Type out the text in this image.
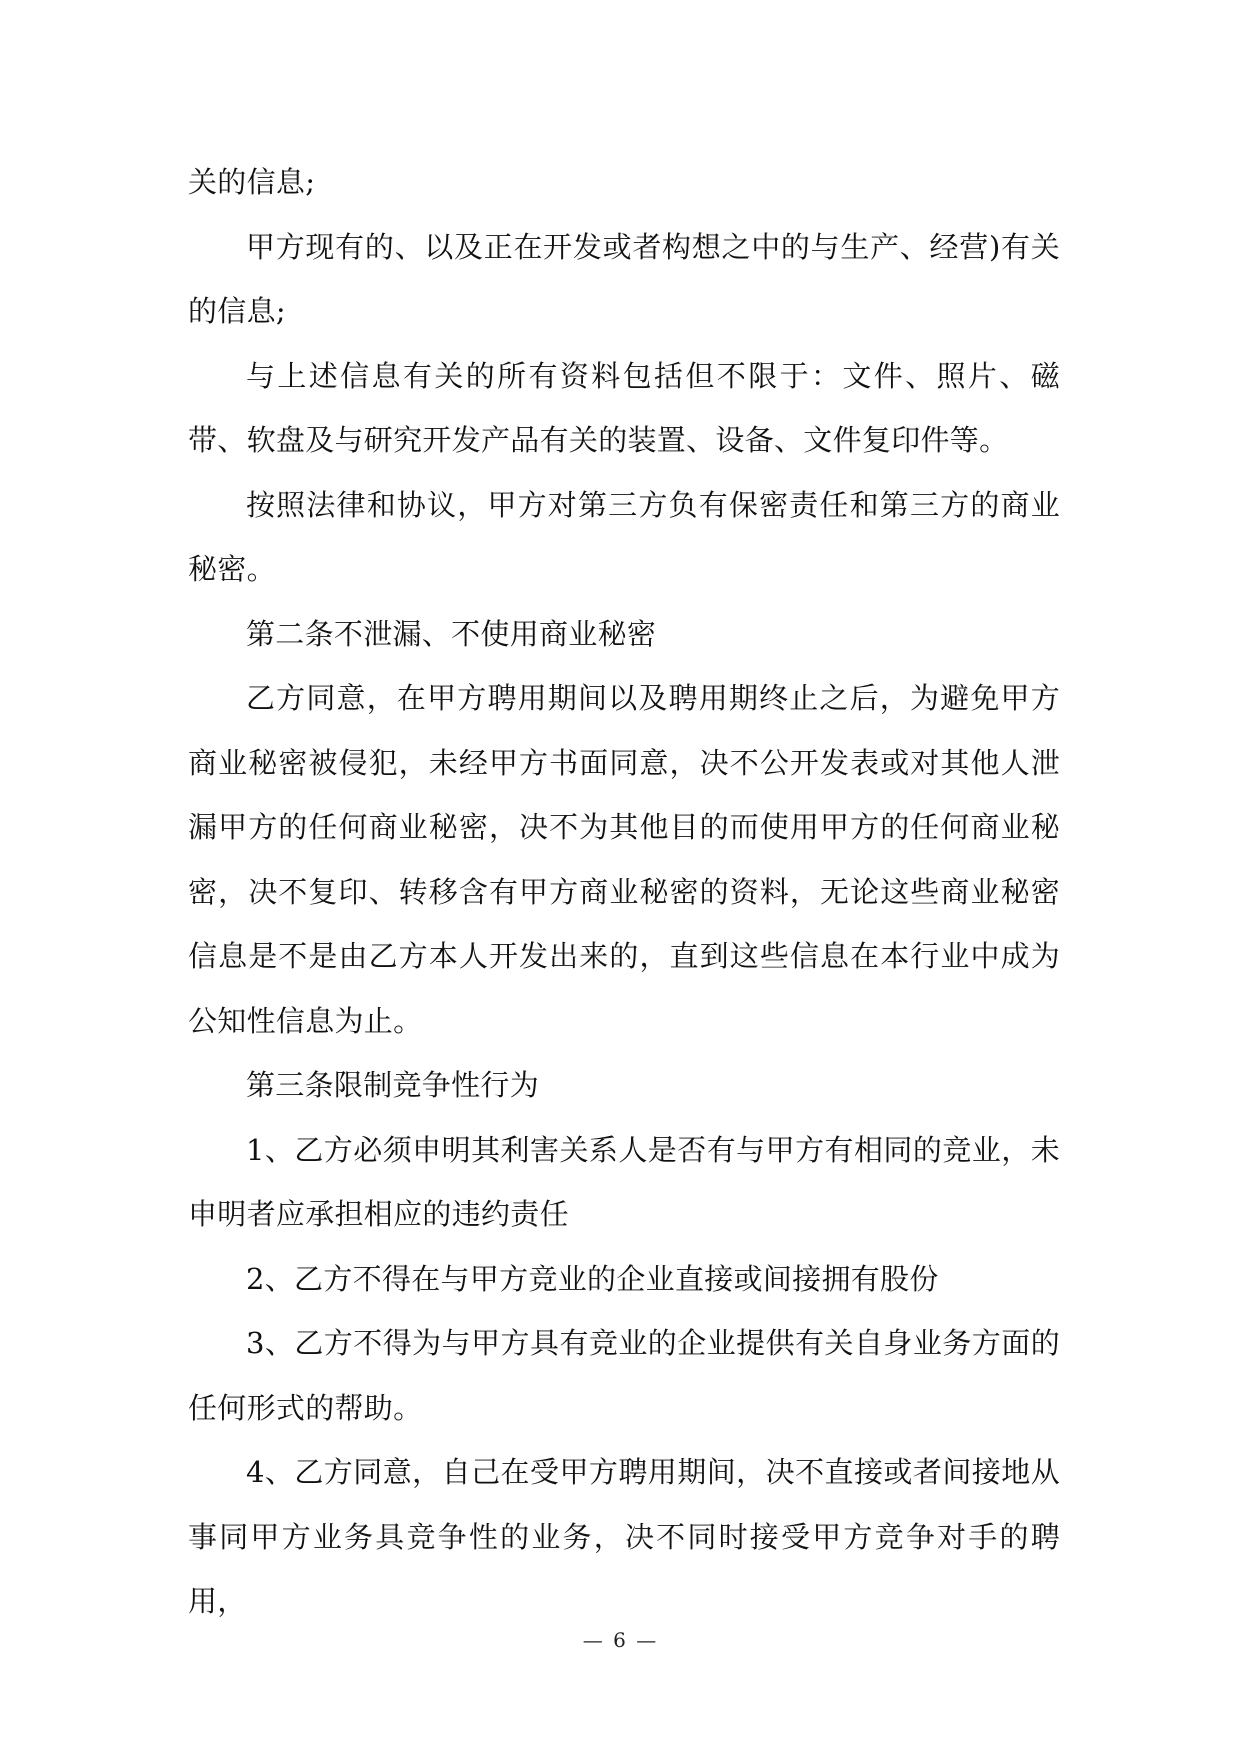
关的信息;

甲方现有的、以及正在开发或者构想之中的与生产、经营)有关的信息;

与上述信息有关的所有资料包括但不限于：文件、照片、磁带、软盘及与研究开发产品有关的装置、设备、文件复印件等。

按照法律和协议，甲方对第三方负有保密责任和第三方的商业秘密。

第二条不泄漏、不使用商业秘密

乙方同意，在甲方聘用期间以及聘用期终止之后，为避免甲方商业秘密被侵犯，未经甲方书面同意，决不公开发表或对其他人泄漏甲方的任何商业秘密，决不为其他目的而使用甲方的任何商业秘密，决不复印、转移含有甲方商业秘密的资料，无论这些商业秘密信息是不是由乙方本人开发出来的，直到这些信息在本行业中成为公知性信息为止。

第三条限制竞争性行为

1、乙方必须申明其利害关系人是否有与甲方有相同的竞业，未申明者应承担相应的违约责任

2、乙方不得在与甲方竞业的企业直接或间接拥有股份

3、乙方不得为与甲方具有竞业的企业提供有关自身业务方面的任何形式的帮助。

4、乙方同意，自己在受甲方聘用期间，决不直接或者间接地从事同甲方业务具竞争性的业务，决不同时接受甲方竞争对手的聘用，

— 6 —
